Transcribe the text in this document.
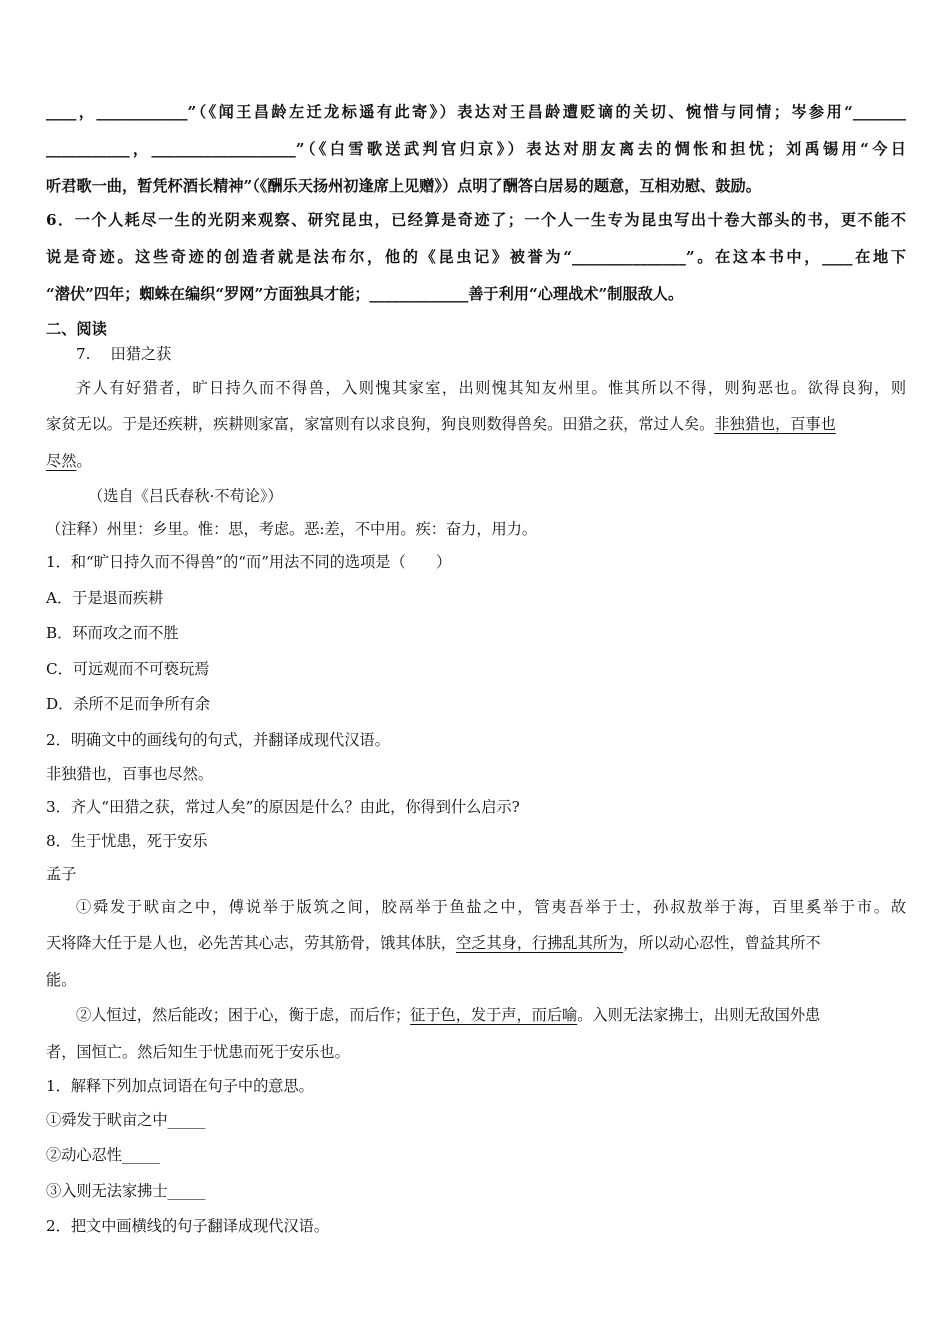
____，____________”（《闻王昌龄左迁龙标遥有此寄》）表达对王昌龄遭贬谪的关切、惋惜与同情；岑参用“_______
___________，___________________”（《白雪歌送武判官归京》）表达对朋友离去的惆怅和担忧；刘禹锡用“今日
听君歌一曲，暂凭杯酒长精神”（《酬乐天扬州初逢席上见赠》）点明了酬答白居易的题意，互相劝慰、鼓励。
6．一个人耗尽一生的光阴来观察、研究昆虫，已经算是奇迹了；一个人一生专为昆虫写出十卷大部头的书，更不能不
说是奇迹。这些奇迹的创造者就是法布尔，他的《昆虫记》被誉为“_______________”。在这本书中，____在地下
“潜伏”四年；蜘蛛在编织“罗网”方面独具才能；_____________善于利用“心理战术”制服敌人。
二、阅读
7.　 田猎之获
齐人有好猎者，旷日持久而不得兽，入则愧其家室，出则愧其知友州里。惟其所以不得，则狗恶也。欲得良狗，则
家贫无以。于是还疾耕，疾耕则家富，家富则有以求良狗，狗良则数得兽矣。田猎之获，常过人矣。非独猎也，百事也
尽然。
（选自《吕氏春秋·不苟论》）
（注释）州里：乡里。惟：思，考虑。恶:差，不中用。疾：奋力，用力。
1．和“旷日持久而不得兽”的“而”用法不同的选项是（　　）
A．于是退而疾耕
B．环而攻之而不胜
C．可远观而不可亵玩焉
D．杀所不足而争所有余
2．明确文中的画线句的句式，并翻译成现代汉语。
非独猎也，百事也尽然。
3．齐人“田猎之获，常过人矣”的原因是什么？由此，你得到什么启示?
8．生于忧患，死于安乐
孟子
①舜发于畎亩之中，傅说举于版筑之间，胶鬲举于鱼盐之中，管夷吾举于士，孙叔敖举于海，百里奚举于市。故
天将降大任于是人也，必先苦其心志，劳其筋骨，饿其体肤，空乏其身，行拂乱其所为，所以动心忍性，曾益其所不
能。
②人恒过，然后能改；困于心，衡于虑，而后作；征于色，发于声，而后喻。入则无法家拂士，出则无敌国外患
者，国恒亡。然后知生于忧患而死于安乐也。
1．解释下列加点词语在句子中的意思。
①舜发于畎亩之中_____
②动心忍性_____
③入则无法家拂士_____
2．把文中画横线的句子翻译成现代汉语。
